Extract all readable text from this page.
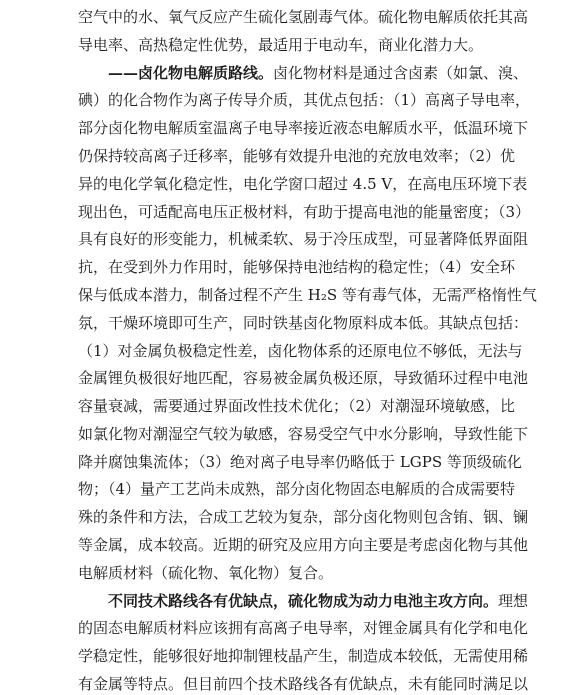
空气中的水、氧气反应产生硫化氢剧毒气体。硫化物电解质依托其高
导电率、高热稳定性优势，最适用于电动车，商业化潜力大。
——卤化物电解质路线。卤化物材料是通过含卤素（如氯、溴、
碘）的化合物作为离子传导介质，其优点包括：（1）高离子导电率，
部分卤化物电解质室温离子电导率接近液态电解质水平，低温环境下
仍保持较高离子迁移率，能够有效提升电池的充放电效率；（2）优
异的电化学氧化稳定性，电化学窗口超过 4.5 V，在高电压环境下表
现出色，可适配高电压正极材料，有助于提高电池的能量密度；（3）
具有良好的形变能力，机械柔软、易于冷压成型，可显著降低界面阻
抗，在受到外力作用时，能够保持电池结构的稳定性；（4）安全环
保与低成本潜力，制备过程不产生 H₂S 等有毒气体，无需严格惰性气
氛，干燥环境即可生产，同时铁基卤化物原料成本低。其缺点包括：
（1）对金属负极稳定性差，卤化物体系的还原电位不够低，无法与
金属锂负极很好地匹配，容易被金属负极还原，导致循环过程中电池
容量衰减，需要通过界面改性技术优化；（2）对潮湿环境敏感，比
如氯化物对潮湿空气较为敏感，容易受空气中水分影响，导致性能下
降并腐蚀集流体；（3）绝对离子电导率仍略低于 LGPS 等顶级硫化
物；（4）量产工艺尚未成熟，部分卤化物固态电解质的合成需要特
殊的条件和方法，合成工艺较为复杂，部分卤化物则包含铕、铟、镧
等金属，成本较高。近期的研究及应用方向主要是考虑卤化物与其他
电解质材料（硫化物、氧化物）复合。
不同技术路线各有优缺点，硫化物成为动力电池主攻方向。理想
的固态电解质材料应该拥有高离子电导率，对锂金属具有化学和电化
学稳定性，能够很好地抑制锂枝晶产生，制造成本较低，无需使用稀
有金属等特点。但目前四个技术路线各有优缺点，未有能同时满足以
